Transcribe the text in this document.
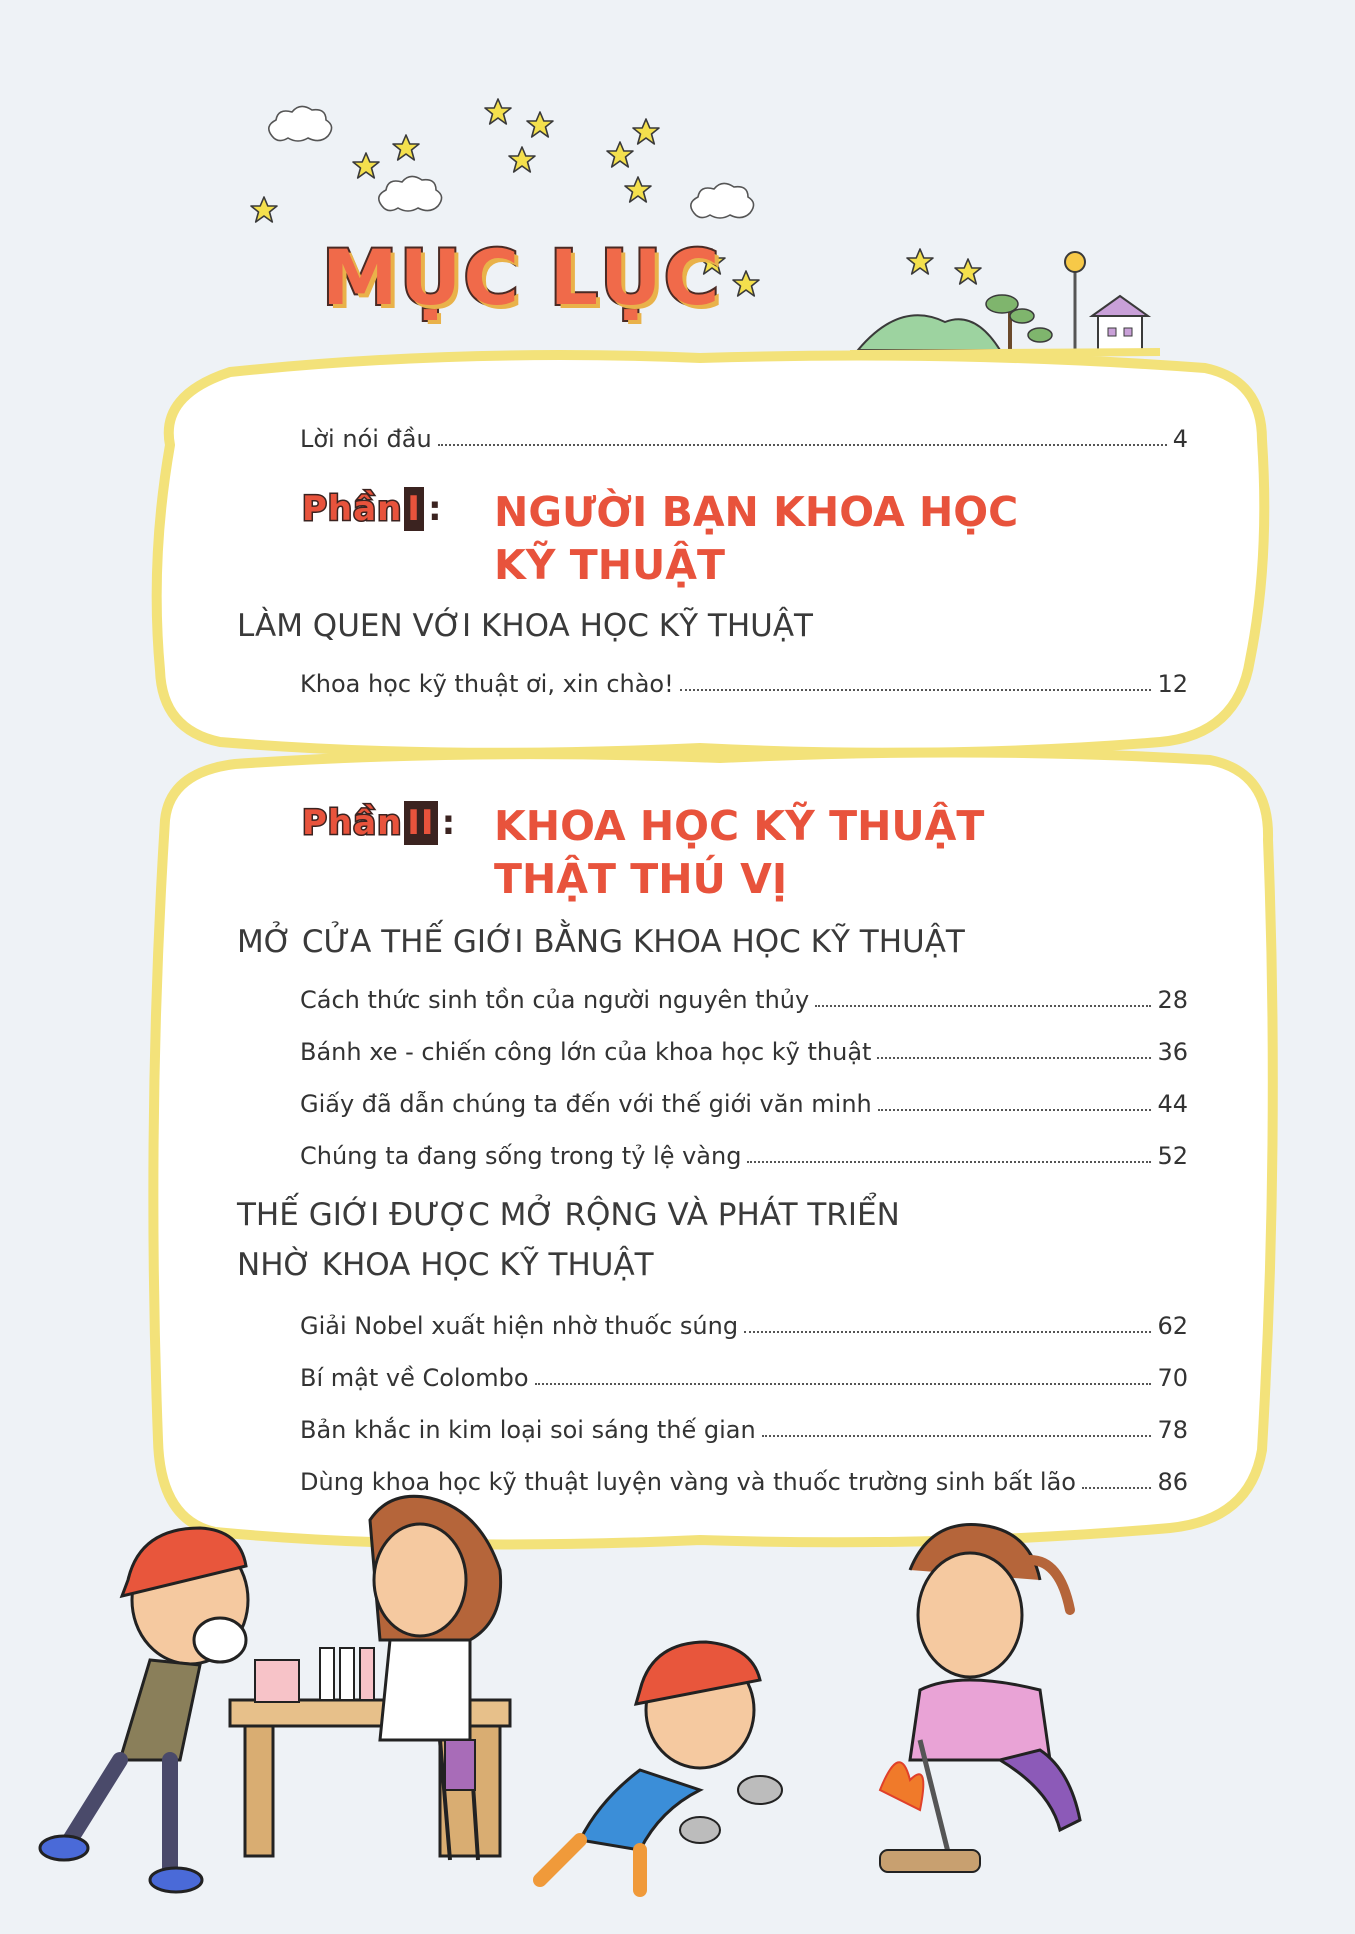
MỤC LỤC
Lời nói đầu	4
Phần I : NGƯỜI BẠN KHOA HỌC
KỸ THUẬT
LÀM QUEN VỚI KHOA HỌC KỸ THUẬT
Khoa học kỹ thuật ơi, xin chào!	12
Phần II : KHOA HỌC KỸ THUẬT
THẬT THÚ VỊ
MỞ CỬA THẾ GIỚI BẰNG KHOA HỌC KỸ THUẬT
Cách thức sinh tồn của người nguyên thủy	28
Bánh xe - chiến công lớn của khoa học kỹ thuật	36
Giấy đã dẫn chúng ta đến với thế giới văn minh	44
Chúng ta đang sống trong tỷ lệ vàng	52
THẾ GIỚI ĐƯỢC MỞ RỘNG VÀ PHÁT TRIỂN
NHỜ KHOA HỌC KỸ THUẬT
Giải Nobel xuất hiện nhờ thuốc súng	62
Bí mật về Colombo	70
Bản khắc in kim loại soi sáng thế gian	78
Dùng khoa học kỹ thuật luyện vàng và thuốc trường sinh bất lão	86
